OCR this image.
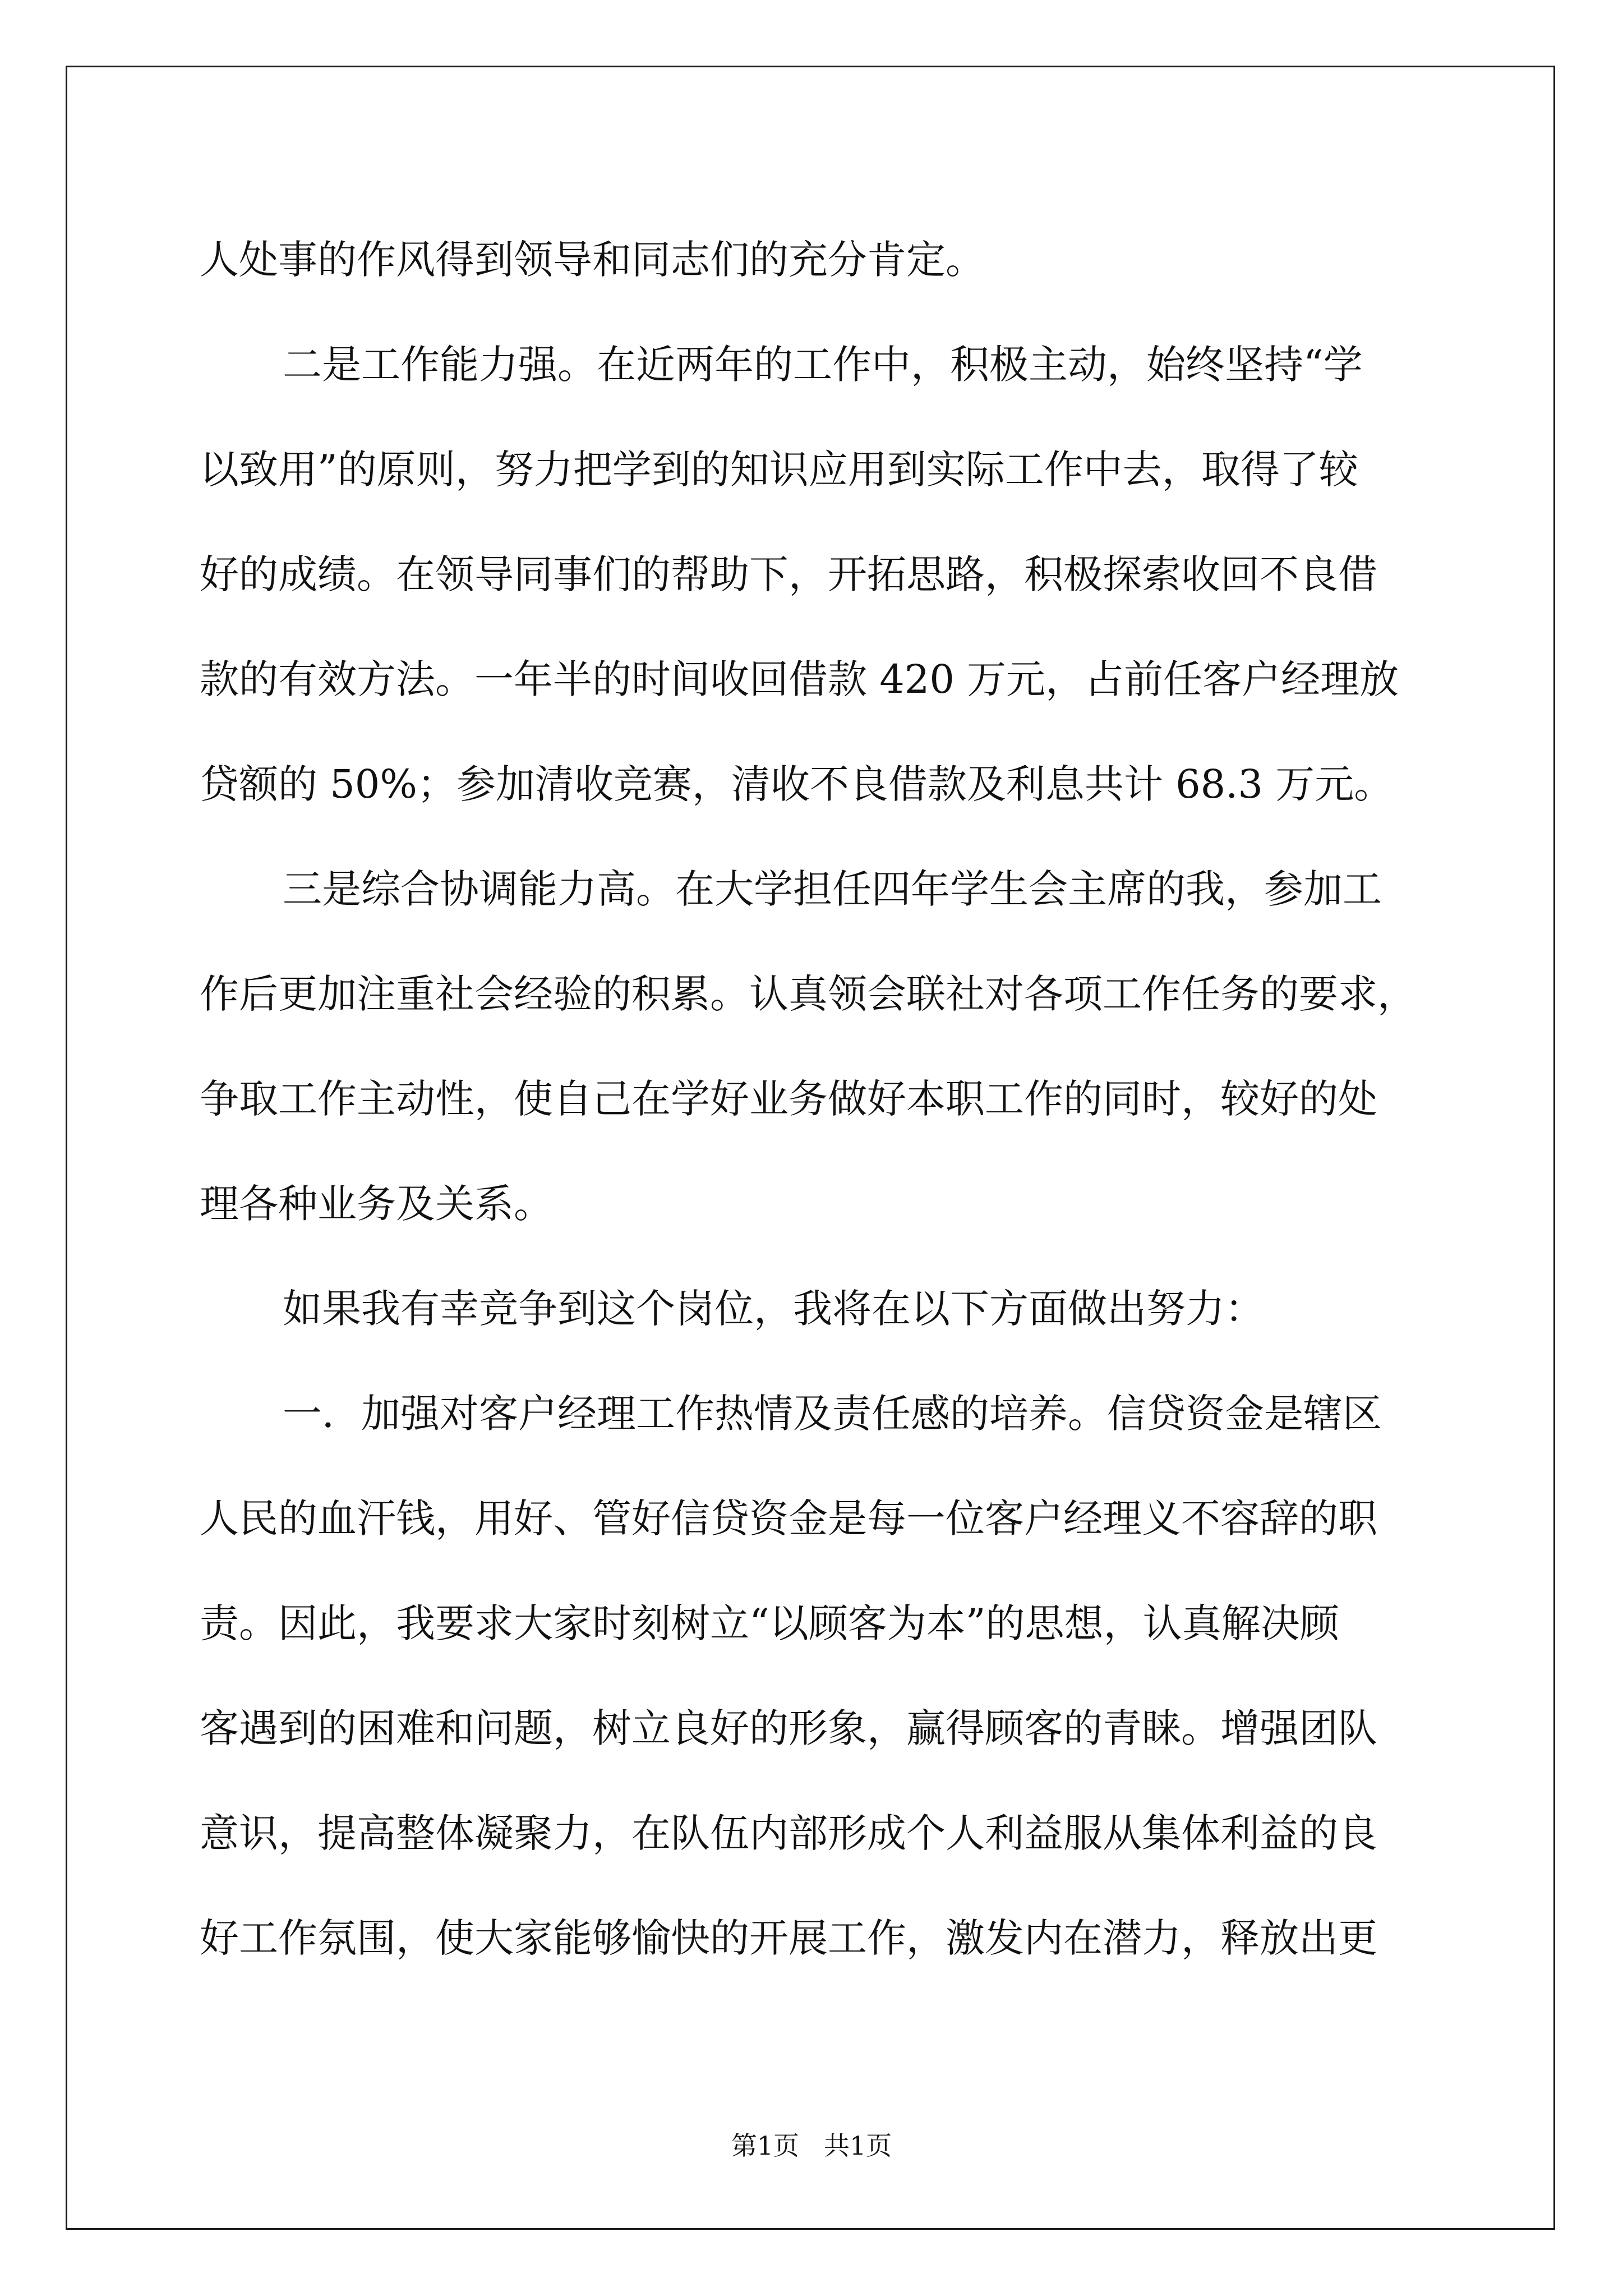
人处事的作风得到领导和同志们的充分肯定。
二是工作能力强。在近两年的工作中，积极主动，始终坚持“学
以致用”的原则，努力把学到的知识应用到实际工作中去，取得了较
好的成绩。在领导同事们的帮助下，开拓思路，积极探索收回不良借
款的有效方法。一年半的时间收回借款 420 万元，占前任客户经理放
贷额的 50%；参加清收竞赛，清收不良借款及利息共计 68.3 万元。
三是综合协调能力高。在大学担任四年学生会主席的我，参加工
作后更加注重社会经验的积累。认真领会联社对各项工作任务的要求，
争取工作主动性，使自己在学好业务做好本职工作的同时，较好的处
理各种业务及关系。
如果我有幸竞争到这个岗位，我将在以下方面做出努力：
一．加强对客户经理工作热情及责任感的培养。信贷资金是辖区
人民的血汗钱，用好、管好信贷资金是每一位客户经理义不容辞的职
责。因此，我要求大家时刻树立“以顾客为本”的思想，认真解决顾
客遇到的困难和问题，树立良好的形象，赢得顾客的青睐。增强团队
意识，提高整体凝聚力，在队伍内部形成个人利益服从集体利益的良
好工作氛围，使大家能够愉快的开展工作，激发内在潜力，释放出更
第1页 共1页
